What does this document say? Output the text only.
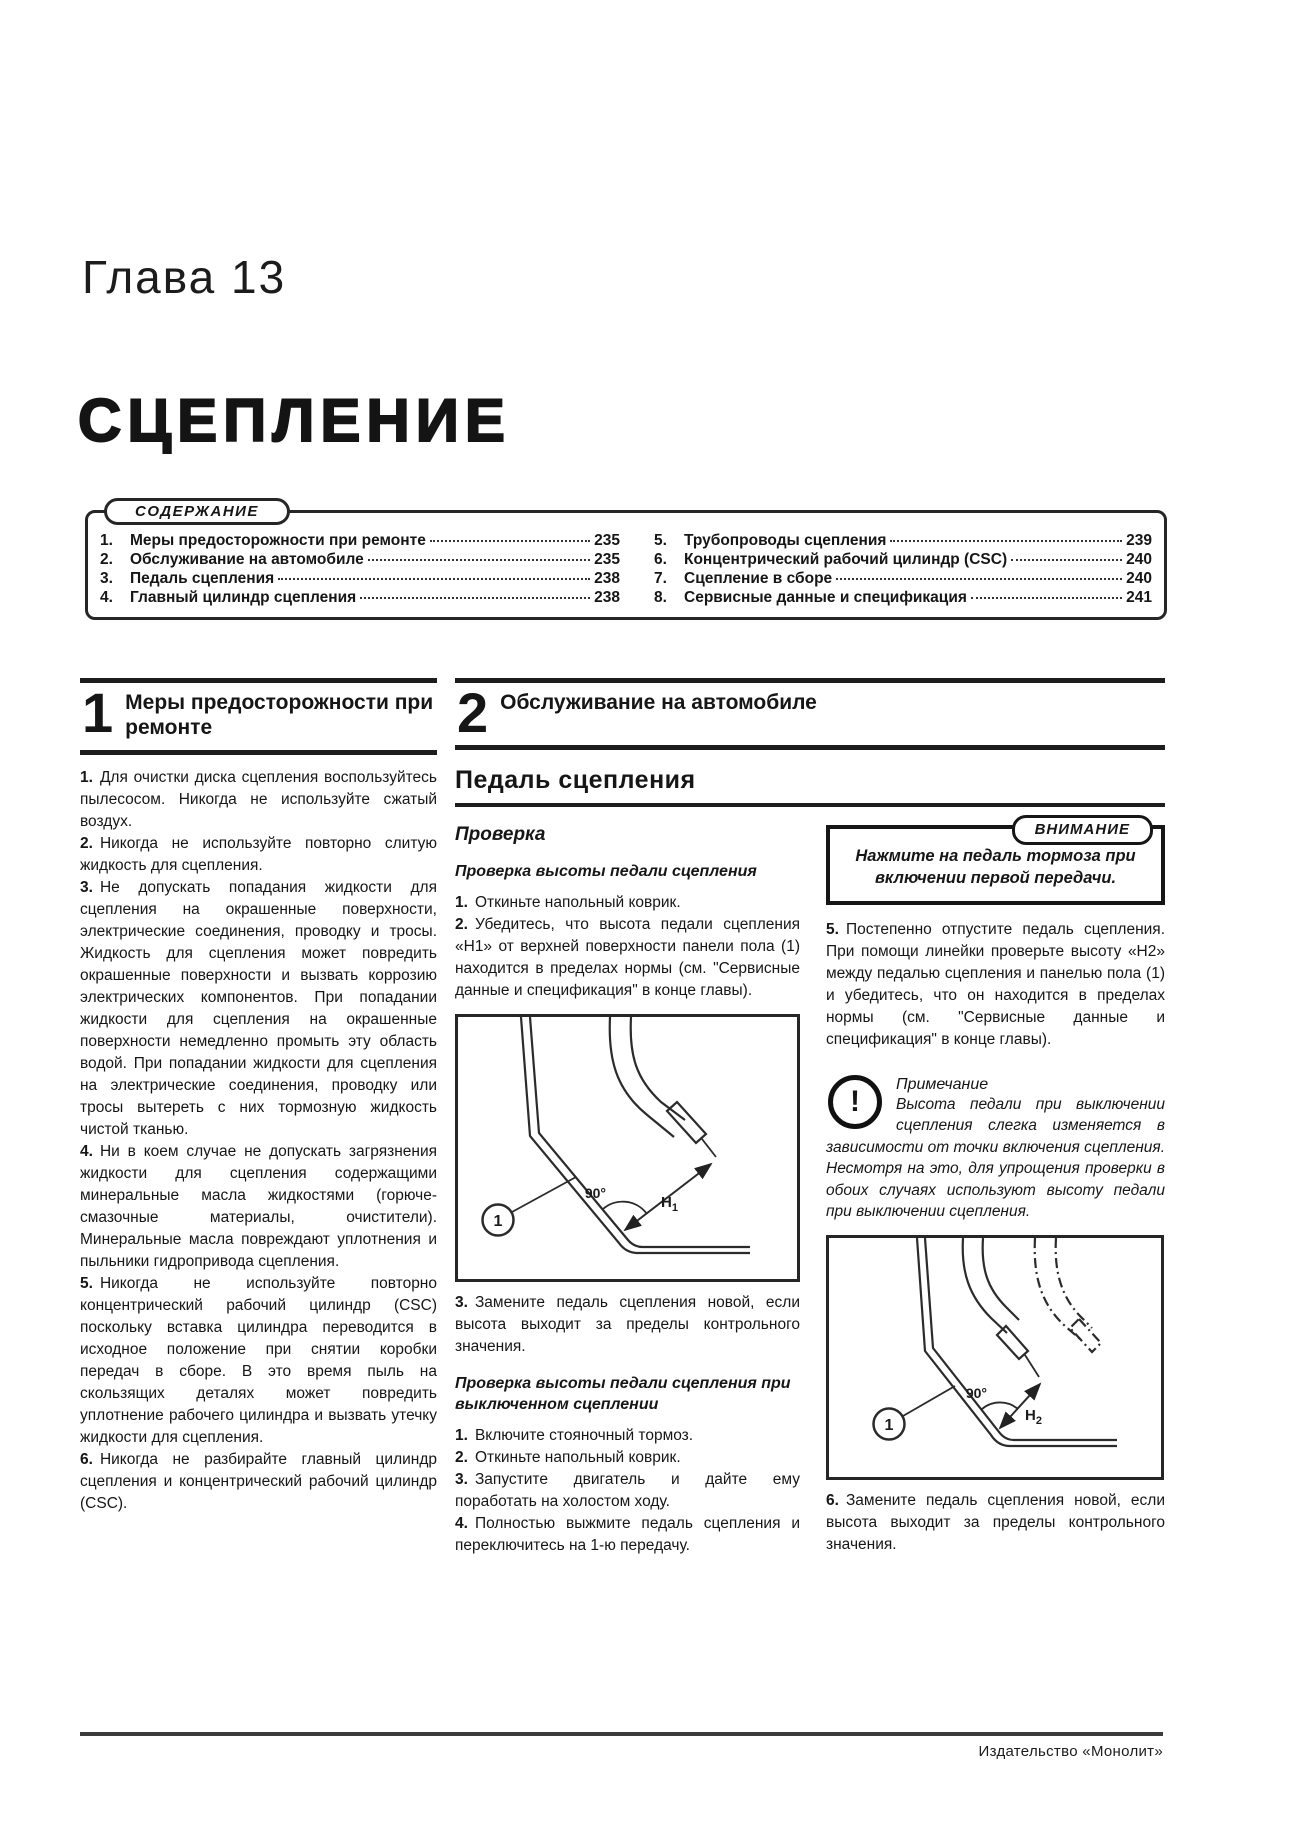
Глава 13
СЦЕПЛЕНИЕ
СОДЕРЖАНИЕ
1.	Меры предосторожности при ремонте	235
2.	Обслуживание на автомобиле	235
3.	Педаль сцепления	238
4.	Главный цилиндр сцепления	238
5.	Трубопроводы сцепления	239
6.	Концентрический рабочий цилиндр (CSC)	240
7.	Сцепление в сборе	240
8.	Сервисные данные и спецификация	241
1 Меры предосторожности при ремонте

1. Для очистки диска сцепления воспользуйтесь пылесосом. Никогда не используйте сжатый воздух.

2. Никогда не используйте повторно слитую жидкость для сцепления.

3. Не допускать попадания жидкости для сцепления на окрашенные поверхности, электрические соединения, проводку и тросы. Жидкость для сцепления может повредить окрашенные поверхности и вызвать коррозию электрических компонентов. При попадании жидкости для сцепления на окрашенные поверхности немедленно промыть эту область водой. При попадании жидкости для сцепления на электрические соединения, проводку или тросы вытереть с них тормозную жидкость чистой тканью.

4. Ни в коем случае не допускать загрязнения жидкости для сцепления содержащими минеральные масла жидкостями (горюче-смазочные материалы, очистители). Минеральные масла повреждают уплотнения и пыльники гидропривода сцепления.

5. Никогда не используйте повторно концентрический рабочий цилиндр (CSC) поскольку вставка цилиндра переводится в исходное положение при снятии коробки передач в сборе. В это время пыль на скользящих деталях может повредить уплотнение рабочего цилиндра и вызвать утечку жидкости для сцепления.

6. Никогда не разбирайте главный цилиндр сцепления и концентрический рабочий цилиндр (CSC).

2 Обслуживание на автомобиле
Педаль сцепления
Проверка
Проверка высоты педали сцепления

1. Откиньте напольный коврик.

2. Убедитесь, что высота педали сцепления «Н1» от верхней поверхности панели пола (1) находится в пределах нормы (см. "Сервисные данные и спецификация" в конце главы).

90°
$Н_1$
1

3. Замените педаль сцепления новой, если высота выходит за пределы контрольного значения.

Проверка высоты педали сцепления при выключенном сцеплении

1. Включите стояночный тормоз.

2. Откиньте напольный коврик.

3. Запустите двигатель и дайте ему поработать на холостом ходу.

4. Полностью выжмите педаль сцепления и переключитесь на 1-ю передачу.

ВНИМАНИЕ
Нажмите на педаль тормоза при включении первой передачи.

5. Постепенно отпустите педаль сцепления. При помощи линейки проверьте высоту «Н2» между педалью сцепления и панелью пола (1) и убедитесь, что он находится в пределах нормы (см. "Сервисные данные и спецификация" в конце главы).

!
Примечание
Высота педали при выключении сцепления слегка изменяется в зависимости от точки включения сцепления. Несмотря на это, для упрощения проверки в обоих случаях используют высоту педали при выключении сцепления.
90°
$Н_2$
1

6. Замените педаль сцепления новой, если высота выходит за пределы контрольного значения.

Издательство «Монолит»
